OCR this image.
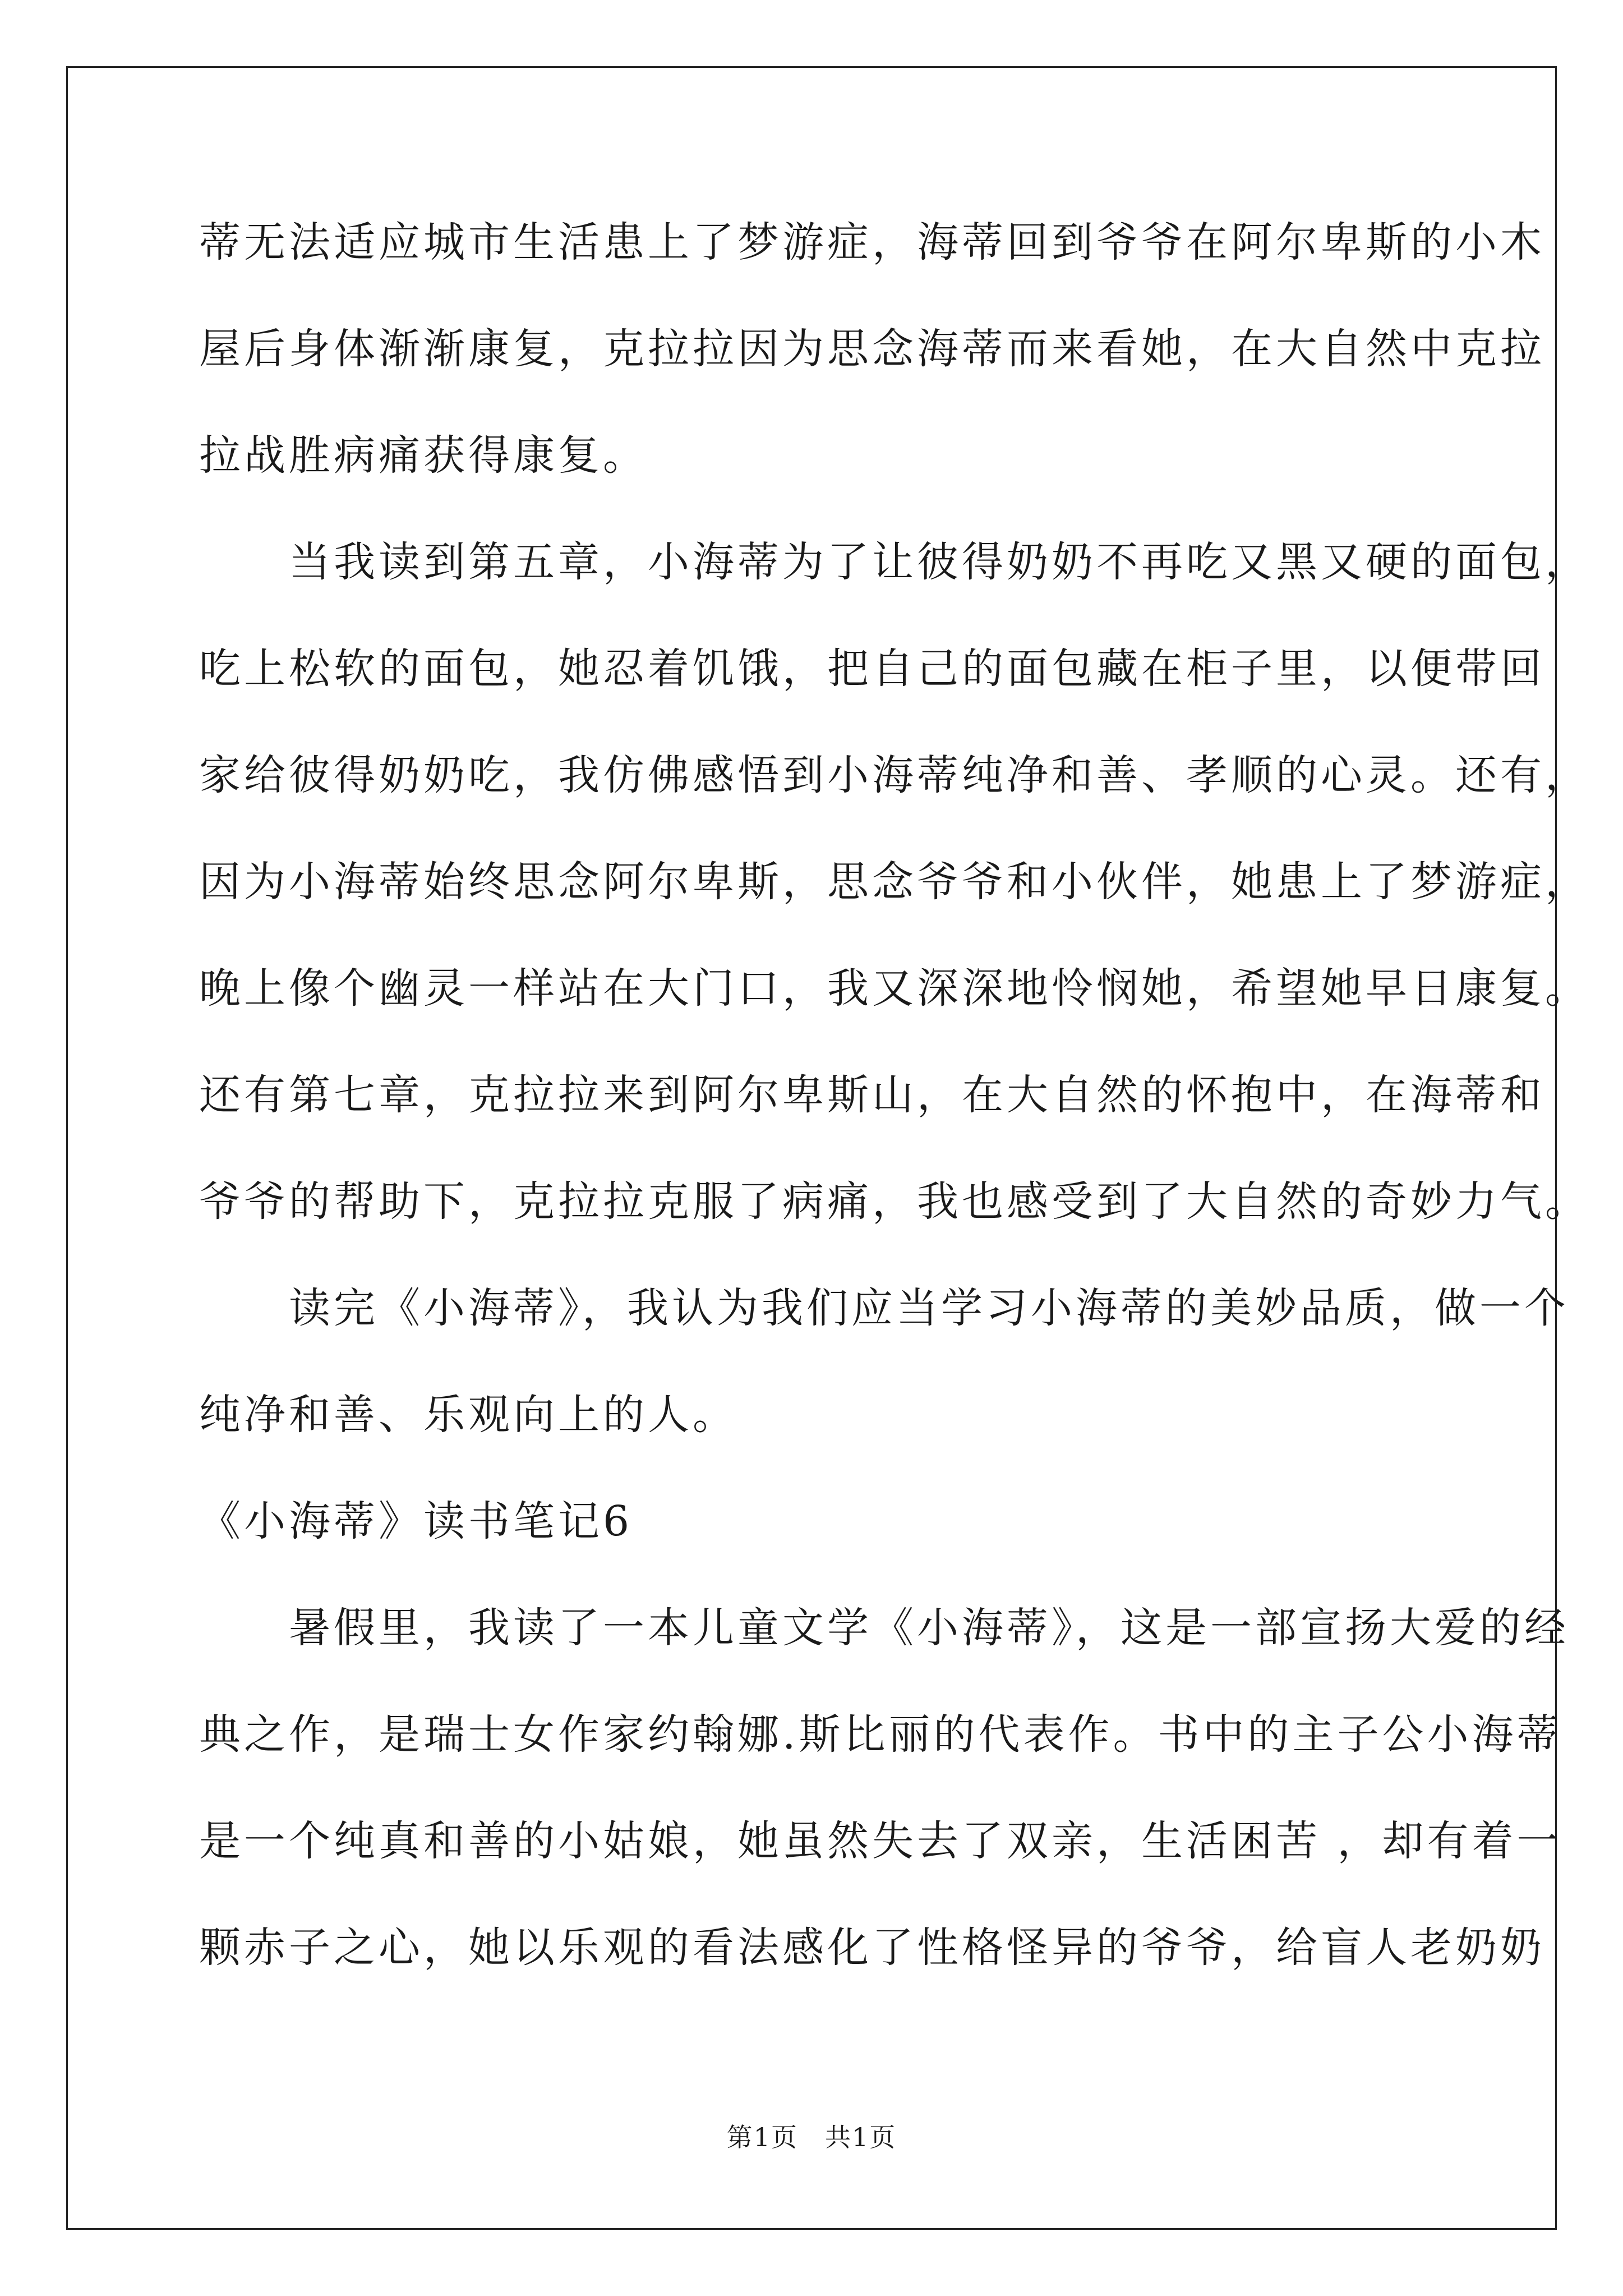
蒂无法适应城市生活患上了梦游症，海蒂回到爷爷在阿尔卑斯的小木
屋后身体渐渐康复，克拉拉因为思念海蒂而来看她，在大自然中克拉
拉战胜病痛获得康复。
　　当我读到第五章，小海蒂为了让彼得奶奶不再吃又黑又硬的面包，
吃上松软的面包，她忍着饥饿，把自己的面包藏在柜子里，以便带回
家给彼得奶奶吃，我仿佛感悟到小海蒂纯净和善、孝顺的心灵。还有，
因为小海蒂始终思念阿尔卑斯，思念爷爷和小伙伴，她患上了梦游症，
晚上像个幽灵一样站在大门口，我又深深地怜悯她，希望她早日康复。
还有第七章，克拉拉来到阿尔卑斯山，在大自然的怀抱中，在海蒂和
爷爷的帮助下，克拉拉克服了病痛，我也感受到了大自然的奇妙力气。
　　读完《小海蒂》，我认为我们应当学习小海蒂的美妙品质，做一个
纯净和善、乐观向上的人。
《小海蒂》读书笔记6
　　暑假里，我读了一本儿童文学《小海蒂》，这是一部宣扬大爱的经
典之作，是瑞士女作家约翰娜.斯比丽的代表作。书中的主子公小海蒂
是一个纯真和善的小姑娘，她虽然失去了双亲，生活困苦 ，却有着一
颗赤子之心，她以乐观的看法感化了性格怪异的爷爷，给盲人老奶奶
第1页　共1页
